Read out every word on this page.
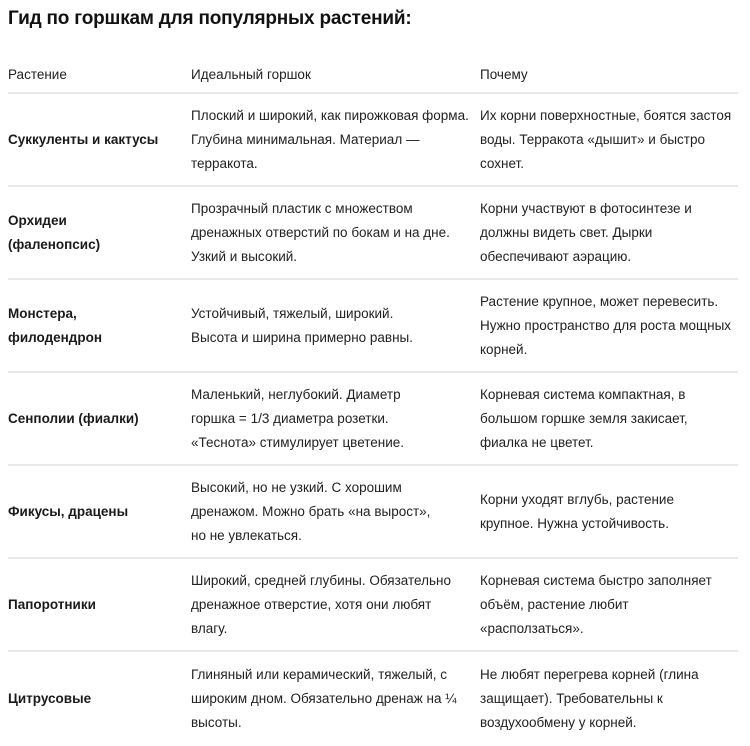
Гид по горшкам для популярных растений:
Растение	Идеальный горшок	Почему
Суккуленты и кактусы
Плоский и широкий, как пирожковая форма. Глубина минимальная. Материал — терракота.
Их корни поверхностные, боятся застоя воды. Терракота «дышит» и быстро сохнет.
Орхидеи (фаленопсис)
Прозрачный пластик с множеством дренажных отверстий по бокам и на дне. Узкий и высокий.
Корни участвуют в фотосинтезе и должны видеть свет. Дырки обеспечивают аэрацию.
Монстера, филодендрон
Устойчивый, тяжелый, широкий. Высота и ширина примерно равны.
Растение крупное, может перевесить. Нужно пространство для роста мощных корней.
Сенполии (фиалки)
Маленький, неглубокий. Диаметр горшка = 1/3 диаметра розетки. «Теснота» стимулирует цветение.
Корневая система компактная, в большом горшке земля закисает, фиалка не цветет.
Фикусы, драцены
Высокий, но не узкий. С хорошим дренажом. Можно брать «на вырост», но не увлекаться.
Корни уходят вглубь, растение крупное. Нужна устойчивость.
Папоротники
Широкий, средней глубины. Обязательно дренажное отверстие, хотя они любят влагу.
Корневая система быстро заполняет объём, растение любит «расползаться».
Цитрусовые
Глиняный или керамический, тяжелый, с широким дном. Обязательно дренаж на ¼ высоты.
Не любят перегрева корней (глина защищает). Требовательны к воздухообмену у корней.
